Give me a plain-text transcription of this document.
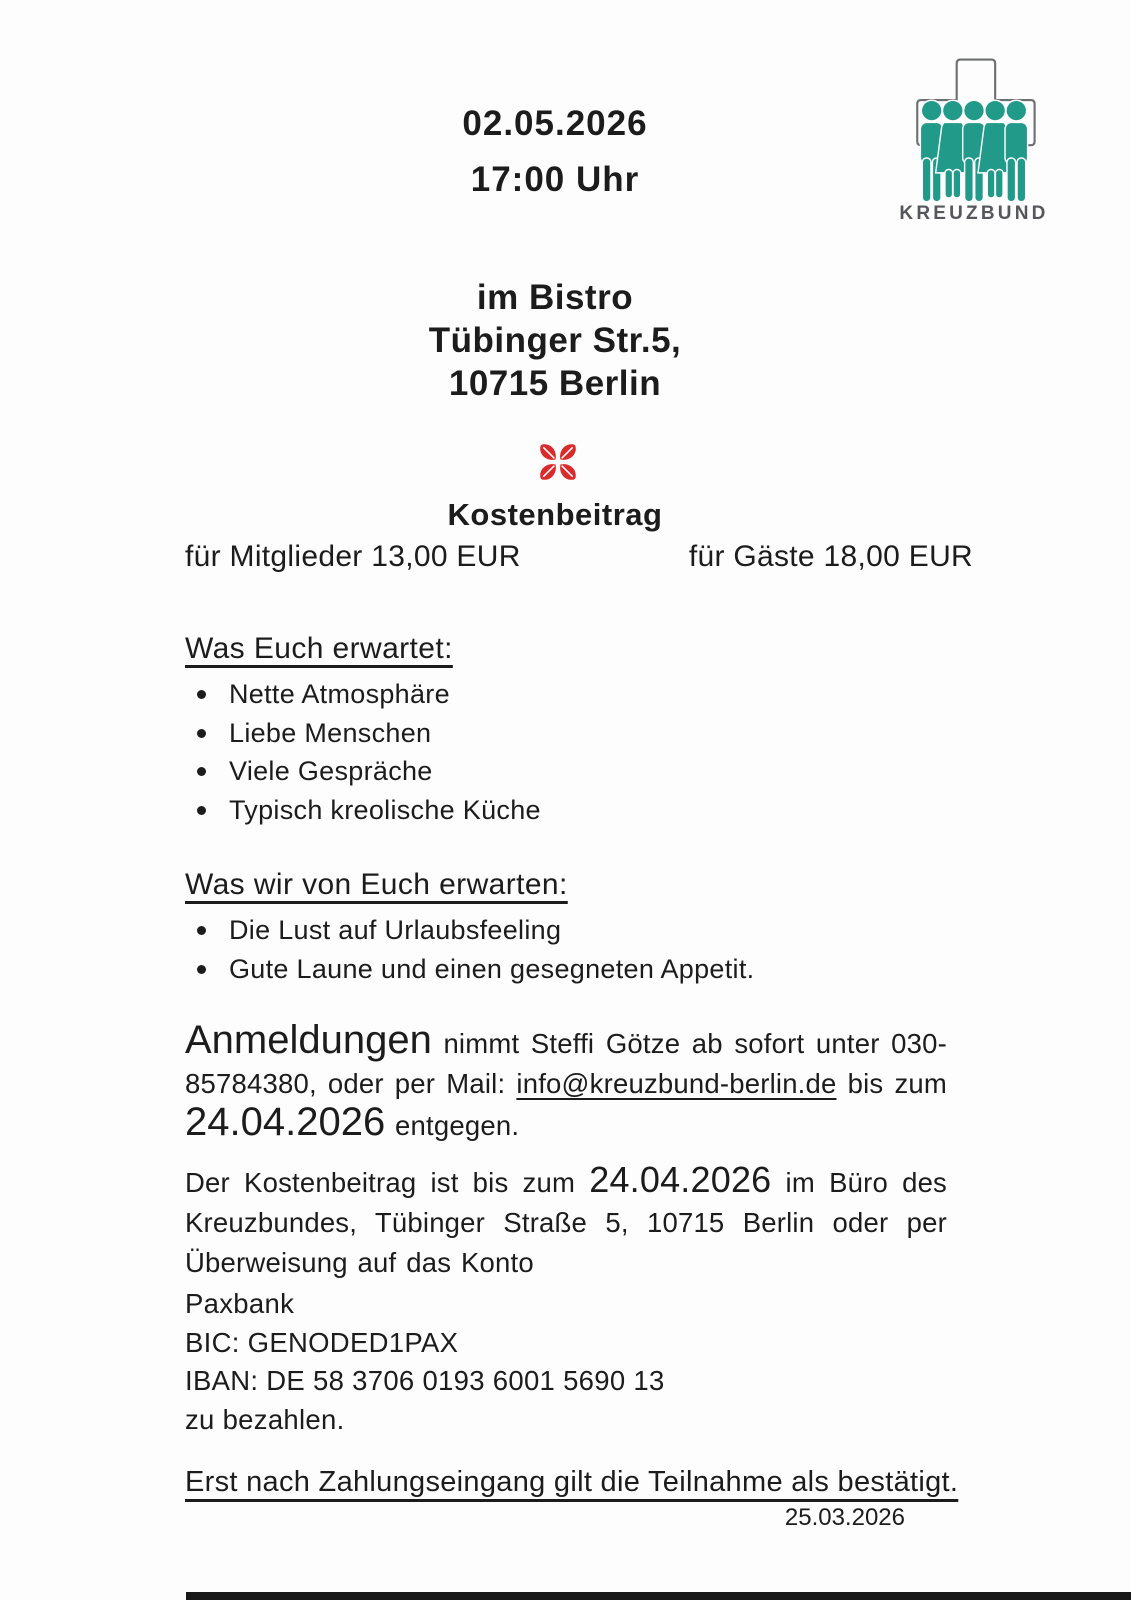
02.05.2026
17:00 Uhr
KREUZBUND
im Bistro
Tübinger Str.5,
10715 Berlin
Kostenbeitrag
für Mitglieder 13,00 EUR	für Gäste 18,00 EUR
Was Euch erwartet:
Nette Atmosphäre
Liebe Menschen
Viele Gespräche
Typisch kreolische Küche
Was wir von Euch erwarten:
Die Lust auf Urlaubsfeeling
Gute Laune und einen gesegneten Appetit.
Anmeldungen nimmt Steffi Götze ab sofort unter 030-85784380, oder per Mail: info@kreuzbund-berlin.de bis zum 24.04.2026 entgegen.
Der Kostenbeitrag ist bis zum 24.04.2026 im Büro des Kreuzbundes, Tübinger Straße 5, 10715 Berlin oder per Überweisung auf das Konto
Paxbank
BIC: GENODED1PAX
IBAN: DE 58 3706 0193 6001 5690 13
zu bezahlen.
Erst nach Zahlungseingang gilt die Teilnahme als bestätigt.
25.03.2026
